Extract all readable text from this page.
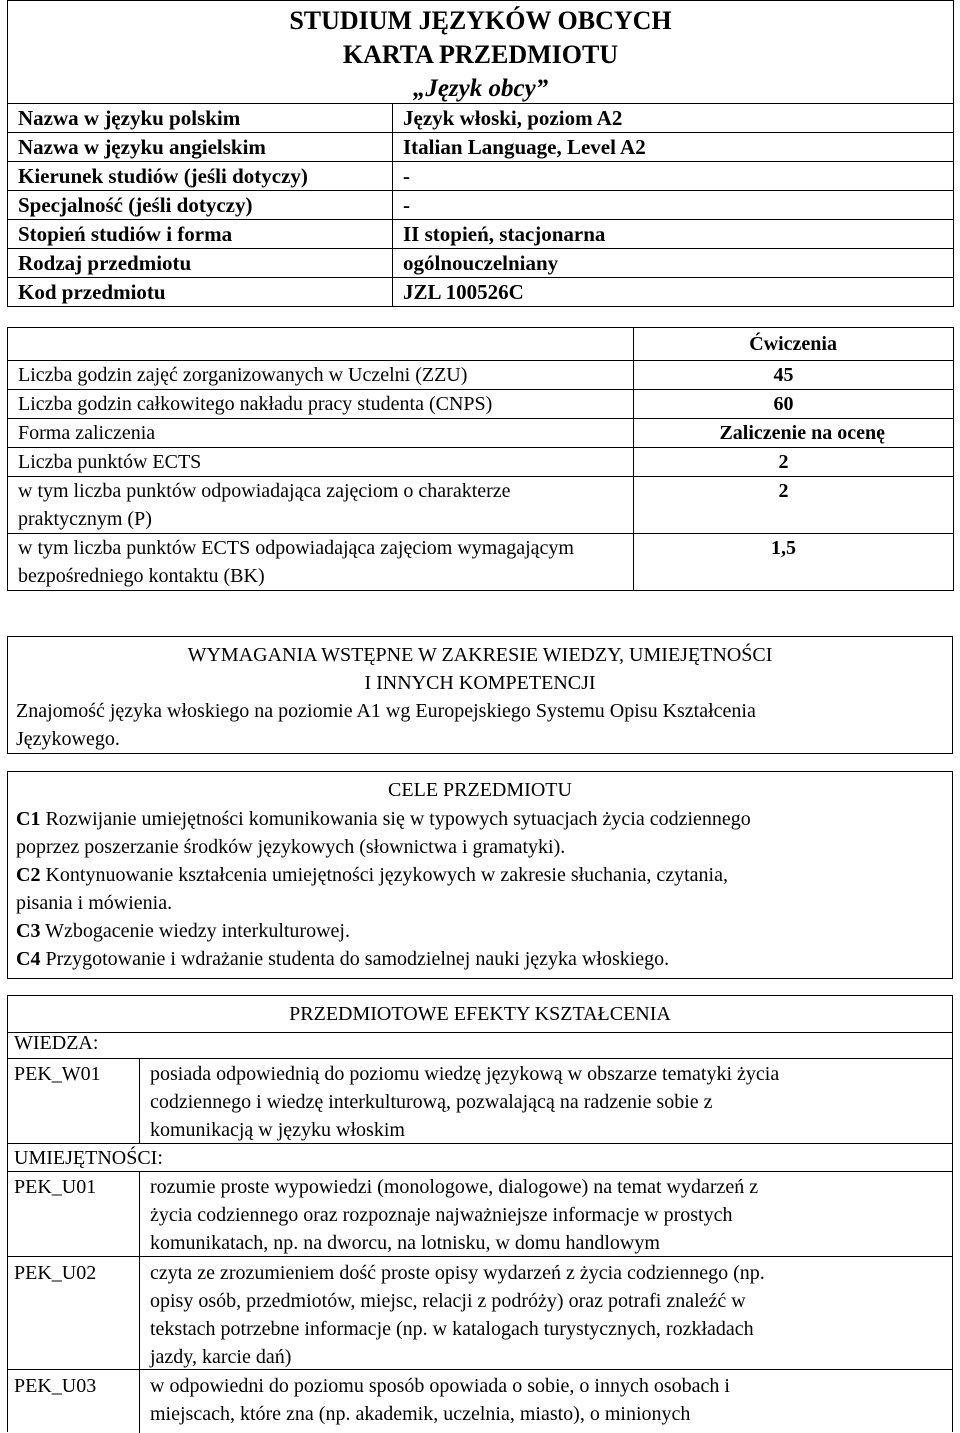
STUDIUM JĘZYKÓW OBCYCH
KARTA PRZEDMIOTU
„Język obcy”
Nazwa w języku polskim	Język włoski, poziom A2
Nazwa w języku angielskim	Italian Language, Level A2
Kierunek studiów (jeśli dotyczy)	-
Specjalność (jeśli dotyczy)	-
Stopień studiów i forma	II stopień, stacjonarna
Rodzaj przedmiotu	ogólnouczelniany
Kod przedmiotu	JZL 100526C
	Ćwiczenia
Liczba godzin zajęć zorganizowanych w Uczelni (ZZU)	45
Liczba godzin całkowitego nakładu pracy studenta (CNPS)	60
Forma zaliczenia	Zaliczenie na ocenę
Liczba punktów ECTS	2
w tym liczba punktów odpowiadająca zajęciom o charakterze praktycznym (P)	2
w tym liczba punktów ECTS odpowiadająca zajęciom wymagającym bezpośredniego kontaktu (BK)	1,5
WYMAGANIA WSTĘPNE W ZAKRESIE WIEDZY, UMIEJĘTNOŚCI
I INNYCH KOMPETENCJI
Znajomość języka włoskiego na poziomie A1 wg Europejskiego Systemu Opisu Kształcenia
Językowego.
CELE PRZEDMIOTU
C1 Rozwijanie umiejętności komunikowania się w typowych sytuacjach życia codziennego
poprzez poszerzanie środków językowych (słownictwa i gramatyki).
C2 Kontynuowanie kształcenia umiejętności językowych w zakresie słuchania, czytania,
pisania i mówienia.
C3 Wzbogacenie wiedzy interkulturowej.
C4 Przygotowanie i wdrażanie studenta do samodzielnej nauki języka włoskiego.
PRZEDMIOTOWE EFEKTY KSZTAŁCENIA
WIEDZA:
PEK_W01 posiada odpowiednią do poziomu wiedzę językową w obszarze tematyki życia
codziennego i wiedzę interkulturową, pozwalającą na radzenie sobie z
komunikacją w języku włoskim
UMIEJĘTNOŚCI:
PEK_U01	rozumie proste wypowiedzi (monologowe, dialogowe) na temat wydarzeń z
życia codziennego oraz rozpoznaje najważniejsze informacje w prostych
komunikatach, np. na dworcu, na lotnisku, w domu handlowym
PEK_U02	czyta ze zrozumieniem dość proste opisy wydarzeń z życia codziennego (np.
opisy osób, przedmiotów, miejsc, relacji z podróży) oraz potrafi znaleźć w
tekstach potrzebne informacje (np. w katalogach turystycznych, rozkładach
jazdy, karcie dań)
PEK_U03	w odpowiedni do poziomu sposób opowiada o sobie, o innych osobach i
miejscach, które zna (np. akademik, uczelnia, miasto), o minionych
